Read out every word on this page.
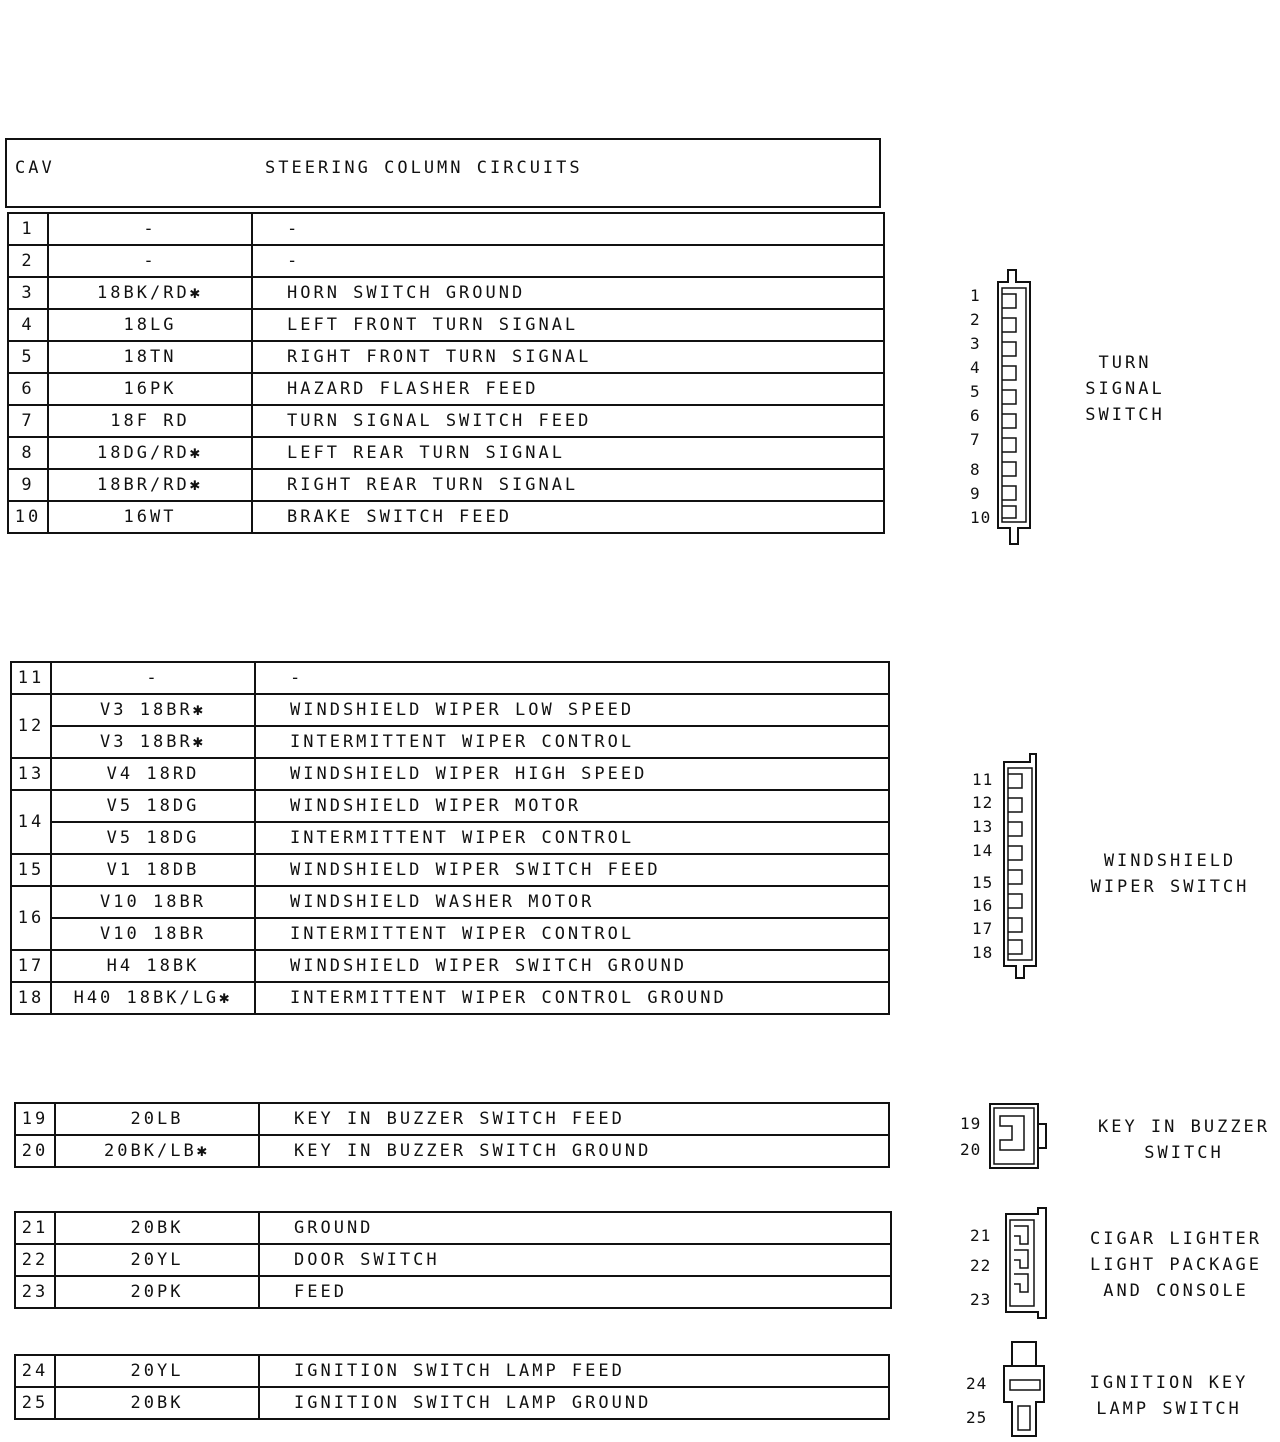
CAV	STEERING COLUMN CIRCUITS
1	-	-
2	-	-
3	18BK/RD✱	HORN SWITCH GROUND
4	18LG	LEFT FRONT TURN SIGNAL
5	18TN	RIGHT FRONT TURN SIGNAL
6	16PK	HAZARD FLASHER FEED
7	18F RD	TURN SIGNAL SWITCH FEED
8	18DG/RD✱	LEFT REAR TURN SIGNAL
9	18BR/RD✱	RIGHT REAR TURN SIGNAL
10	16WT	BRAKE SWITCH FEED
11	-	-
12	V3 18BR✱	WINDSHIELD WIPER LOW SPEED
	V3 18BR✱	INTERMITTENT WIPER CONTROL
13	V4 18RD	WINDSHIELD WIPER HIGH SPEED
14	V5 18DG	WINDSHIELD WIPER MOTOR
	V5 18DG	INTERMITTENT WIPER CONTROL
15	V1 18DB	WINDSHIELD WIPER SWITCH FEED
16	V10 18BR	WINDSHIELD WASHER MOTOR
	V10 18BR	INTERMITTENT WIPER CONTROL
17	H4 18BK	WINDSHIELD WIPER SWITCH GROUND
18	H40 18BK/LG✱	INTERMITTENT WIPER CONTROL GROUND
19	20LB	KEY IN BUZZER SWITCH FEED
20	20BK/LB✱	KEY IN BUZZER SWITCH GROUND
21	20BK	GROUND
22	20YL	DOOR SWITCH
23	20PK	FEED
24	20YL	IGNITION SWITCH LAMP FEED
25	20BK	IGNITION SWITCH LAMP GROUND
1
2
3
4
5
6
7
8
9
10
TURN
SIGNAL
SWITCH
11
12
13
14
15
16
17
18
WINDSHIELD
WIPER SWITCH
19
20
KEY IN BUZZER
SWITCH
21
22
23
CIGAR LIGHTER
LIGHT PACKAGE
AND CONSOLE
24
25
IGNITION KEY
LAMP SWITCH
